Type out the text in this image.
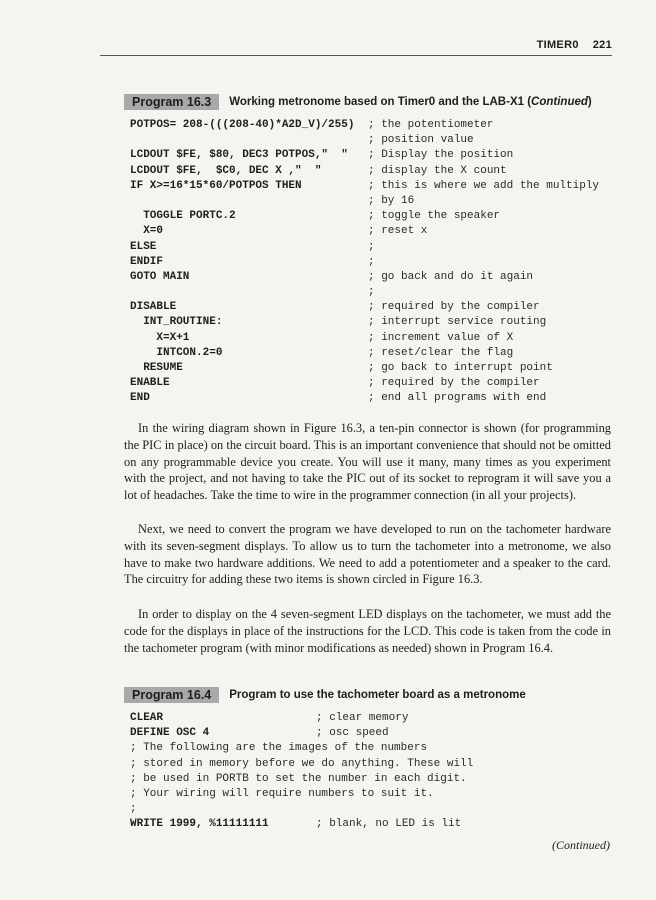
TIMER0 221
Program 16.3	Working metronome based on Timer0 and the LAB-X1 (Continued)
POTPOS= 208-(((208-40)*A2D_V)/255)
LCDOUT $FE, $80, DEC3 POTPOS,"  "
LCDOUT $FE,  $C0, DEC X ,"  "
IF X>=16*15*60/POTPOS THEN
TOGGLE PORTC.2
X=0
ELSE
ENDIF
GOTO MAIN
DISABLE
INT_ROUTINE:
X=X+1
INTCON.2=0
RESUME
ENABLE
END
; the potentiometer
; position value
; Display the position
; display the X count
; this is where we add the multiply
; by 16
; toggle the speaker
; reset x
;
;
; go back and do it again
;
; required by the compiler
; interrupt service routing
; increment value of X
; reset/clear the flag
; go back to interrupt point
; required by the compiler
; end all programs with end

In the wiring diagram shown in Figure 16.3, a ten-pin connector is shown (for programming the PIC in place) on the circuit board. This is an important convenience that should not be omitted on any programmable device you create. You will use it many, many times as you experiment with the project, and not having to take the PIC out of its socket to reprogram it will save you a lot of headaches. Take the time to wire in the programmer connection (in all your projects).

Next, we need to convert the program we have developed to run on the tachometer hardware with its seven-segment displays. To allow us to turn the tachometer into a metronome, we also have to make two hardware additions. We need to add a potentiometer and a speaker to the card. The circuitry for adding these two items is shown circled in Figure 16.3.

In order to display on the 4 seven-segment LED displays on the tachometer, we must add the code for the displays in place of the instructions for the LCD. This code is taken from the code in the tachometer program (with minor modifications as needed) shown in Program 16.4.

Program 16.4	Program to use the tachometer board as a metronome
CLEAR
DEFINE OSC 4
WRITE 1999, %11111111
; clear memory
; osc speed
; The following are the images of the numbers
; stored in memory before we do anything. These will
; be used in PORTB to set the number in each digit.
; Your wiring will require numbers to suit it.
;
; blank, no LED is lit
(Continued)
